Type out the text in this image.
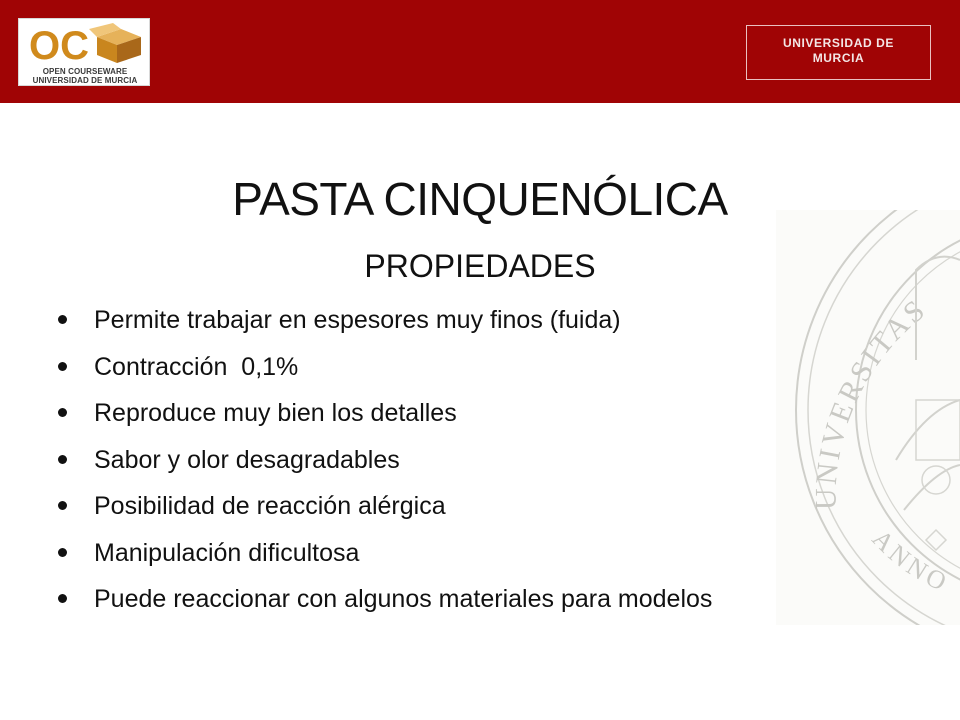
OC
OPEN COURSEWARE
UNIVERSIDAD DE MURCIA
UNIVERSIDAD DE
MURCIA
UNIVERSITAS
ANNO
PASTA CINQUENÓLICA
PROPIEDADES
Permite trabajar en espesores muy finos (fuida)
Contracción  0,1%
Reproduce muy bien los detalles
Sabor y olor desagradables
Posibilidad de reacción alérgica
Manipulación dificultosa
Puede reaccionar con algunos materiales para modelos
